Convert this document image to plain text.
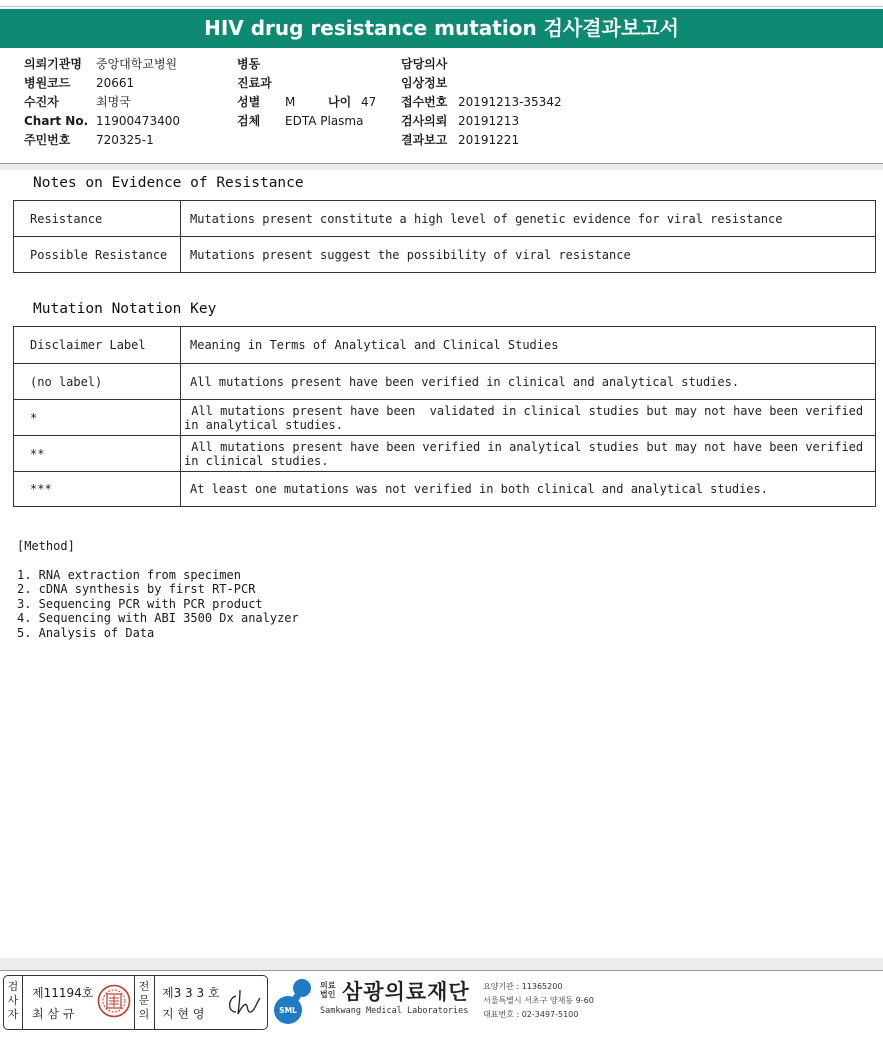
HIV drug resistance mutation 검사결과보고서
의뢰기관명 중앙대학교병원
병원코드 20661
수진자	최명국
Chart No. 11900473400
주민번호 720325-1
병동
진료과
성별 M	나이 47
검체 EDTA Plasma
담당의사
임상정보
접수번호 20191213-35342
검사의뢰 20191213
결과보고 20191221
Notes on Evidence of Resistance
Resistance	Mutations present constitute a high level of genetic evidence for viral resistance
Possible Resistance	Mutations present suggest the possibility of viral resistance
Mutation Notation Key
Disclaimer Label	Meaning in Terms of Analytical and Clinical Studies
(no label)	All mutations present have been verified in clinical and analytical studies.
*	All mutations present have been  validated in clinical studies but may not have been verified
in analytical studies.

**	All mutations present have been verified in analytical studies but may not have been verified
in clinical studies.

***	At least one mutations was not verified in both clinical and analytical studies.
[Method]
1. RNA extraction from specimen
2. cDNA synthesis by first RT-PCR
3. Sequencing PCR with PCR product
4. Sequencing with ABI 3500 Dx analyzer
5. Analysis of Data
검
사
자
제11194호
최 삼 규
전
문
의
제3 3 3 호
지 현 영	SML
의료
법인 삼광의료재단
Samkwang Medical Laboratories
요양기관 : 11365200
서울특별시 서초구 양재동 9-60
대표번호 : 02-3497-5100
